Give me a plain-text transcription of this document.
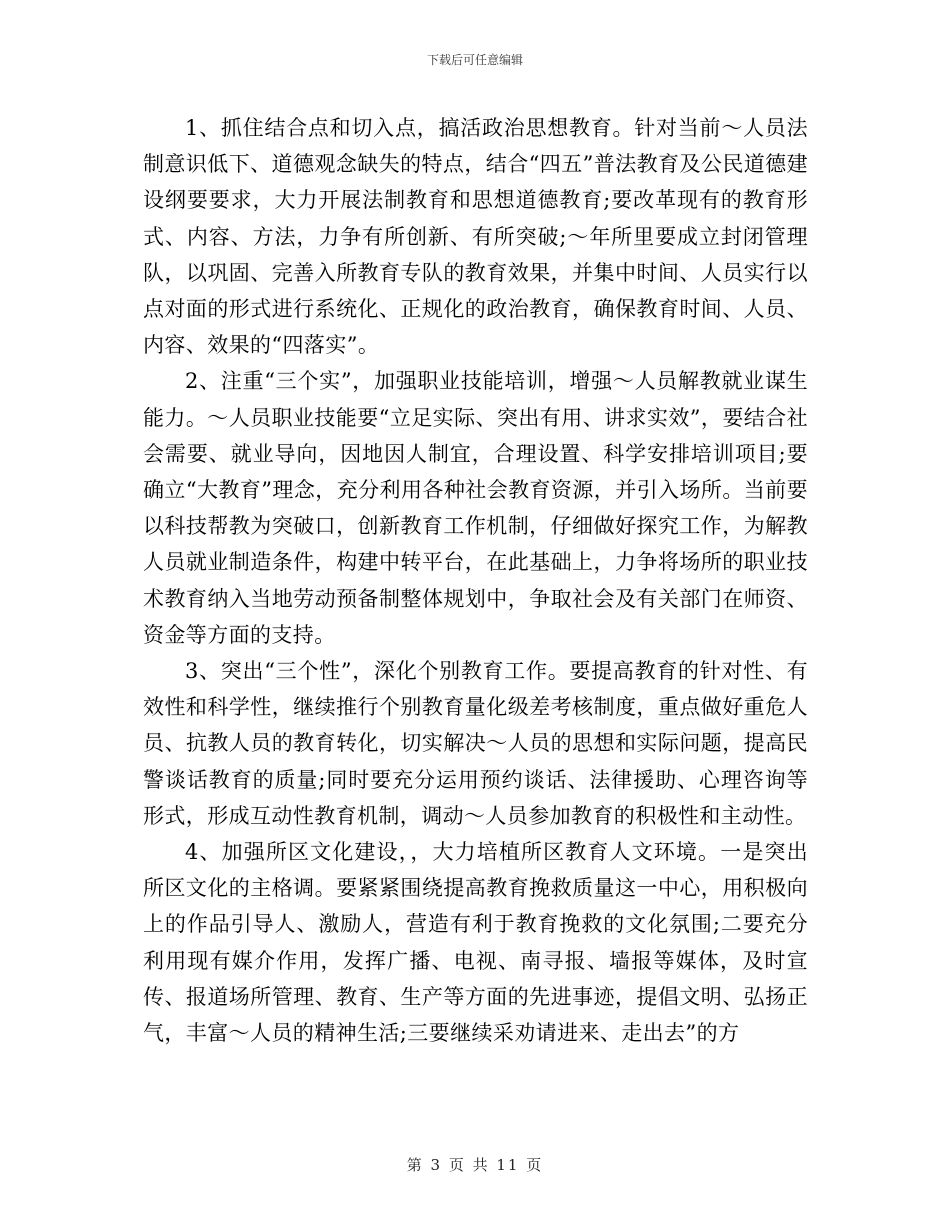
下载后可任意编辑

1、抓住结合点和切入点，搞活政治思想教育。针对当前～人员法制意识低下、道德观念缺失的特点，结合“四五”普法教育及公民道德建设纲要要求，大力开展法制教育和思想道德教育;要改革现有的教育形式、内容、方法，力争有所创新、有所突破;～年所里要成立封闭管理队，以巩固、完善入所教育专队的教育效果，并集中时间、人员实行以点对面的形式进行系统化、正规化的政治教育，确保教育时间、人员、内容、效果的“四落实”。

2、注重“三个实”，加强职业技能培训，增强～人员解教就业谋生能力。～人员职业技能要“立足实际、突出有用、讲求实效”，要结合社会需要、就业导向，因地因人制宜，合理设置、科学安排培训项目;要确立“大教育”理念，充分利用各种社会教育资源，并引入场所。当前要以科技帮教为突破口，创新教育工作机制，仔细做好探究工作，为解教人员就业制造条件，构建中转平台，在此基础上，力争将场所的职业技术教育纳入当地劳动预备制整体规划中，争取社会及有关部门在师资、资金等方面的支持。

3、突出“三个性”，深化个别教育工作。要提高教育的针对性、有效性和科学性，继续推行个别教育量化级差考核制度，重点做好重危人员、抗教人员的教育转化，切实解决～人员的思想和实际问题，提高民警谈话教育的质量;同时要充分运用预约谈话、法律援助、心理咨询等形式，形成互动性教育机制，调动～人员参加教育的积极性和主动性。

4、加强所区文化建设，，大力培植所区教育人文环境。一是突出所区文化的主格调。要紧紧围绕提高教育挽救质量这一中心，用积极向上的作品引导人、激励人，营造有利于教育挽救的文化氛围;二要充分利用现有媒介作用，发挥广播、电视、南寻报、墙报等媒体，及时宣传、报道场所管理、教育、生产等方面的先进事迹，提倡文明、弘扬正气，丰富～人员的精神生活;三要继续采劝请进来、走出去”的方

第 3 页 共 11 页
